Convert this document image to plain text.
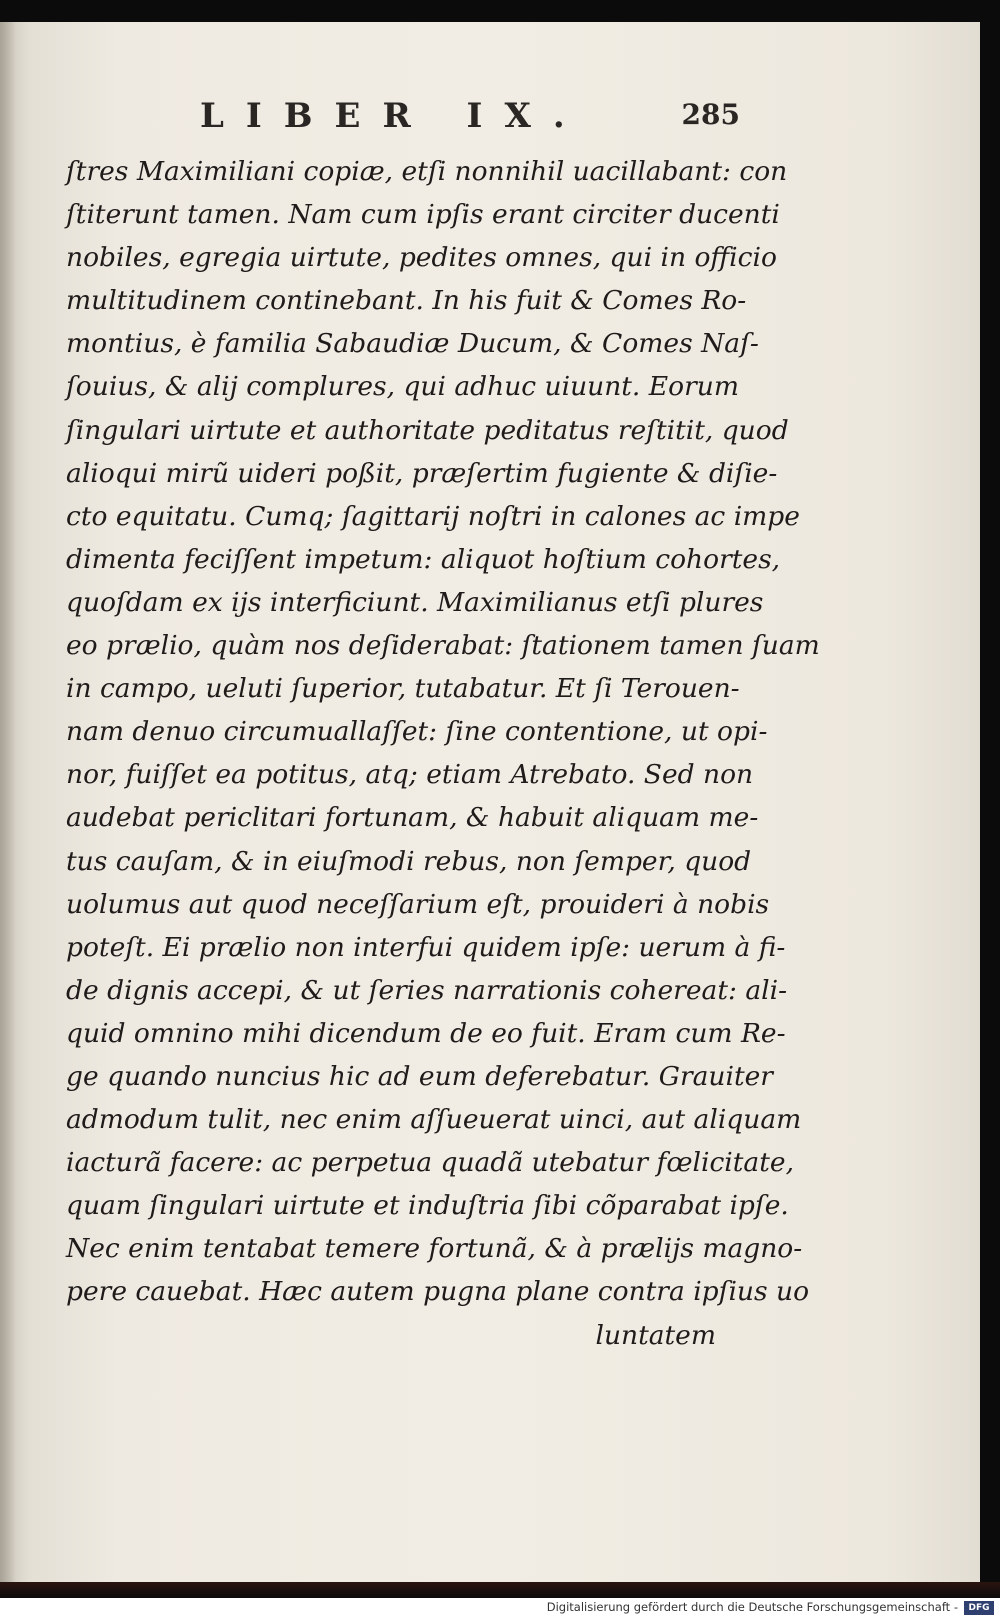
LIBER IX.	285
ſtres Maximiliani copiæ, etſi nonnihil uacillabant: con
ſtiterunt tamen. Nam cum ipſis erant circiter ducenti
nobiles, egregia uirtute, pedites omnes, qui in officio
multitudinem continebant. In his fuit & Comes Ro-
montius, è familia Sabaudiæ Ducum, & Comes Naſ-
ſouius, & alij complures, qui adhuc uiuunt. Eorum
ſingulari uirtute et authoritate peditatus reſtitit, quod
alioqui mirũ uideri poßit, præſertim fugiente & diſie-
cto equitatu. Cumq; ſagittarij noſtri in calones ac impe
dimenta feciſſent impetum: aliquot hoſtium cohortes,
quoſdam ex ijs interficiunt. Maximilianus etſi plures
eo prælio, quàm nos deſiderabat: ſtationem tamen ſuam
in campo, ueluti ſuperior, tutabatur. Et ſi Terouen-
nam denuo circumuallaſſet: ſine contentione, ut opi-
nor, fuiſſet ea potitus, atq; etiam Atrebato. Sed non
audebat periclitari fortunam, & habuit aliquam me-
tus cauſam, & in eiuſmodi rebus, non ſemper, quod
uolumus aut quod neceſſarium eſt, prouideri à nobis
poteſt. Ei prælio non interfui quidem ipſe: uerum à fi-
de dignis accepi, & ut ſeries narrationis cohereat: ali-
quid omnino mihi dicendum de eo fuit. Eram cum Re-
ge quando nuncius hic ad eum deferebatur. Grauiter
admodum tulit, nec enim aſſueuerat uinci, aut aliquam
iacturã facere: ac perpetua quadã utebatur fœlicitate,
quam ſingulari uirtute et induſtria ſibi cõparabat ipſe.
Nec enim tentabat temere fortunã, & à prælijs magno-
pere cauebat. Hæc autem pugna plane contra ipſius uo
luntatem
Digitalisierung gefördert durch die Deutsche Forschungsgemeinschaft -	DFG
